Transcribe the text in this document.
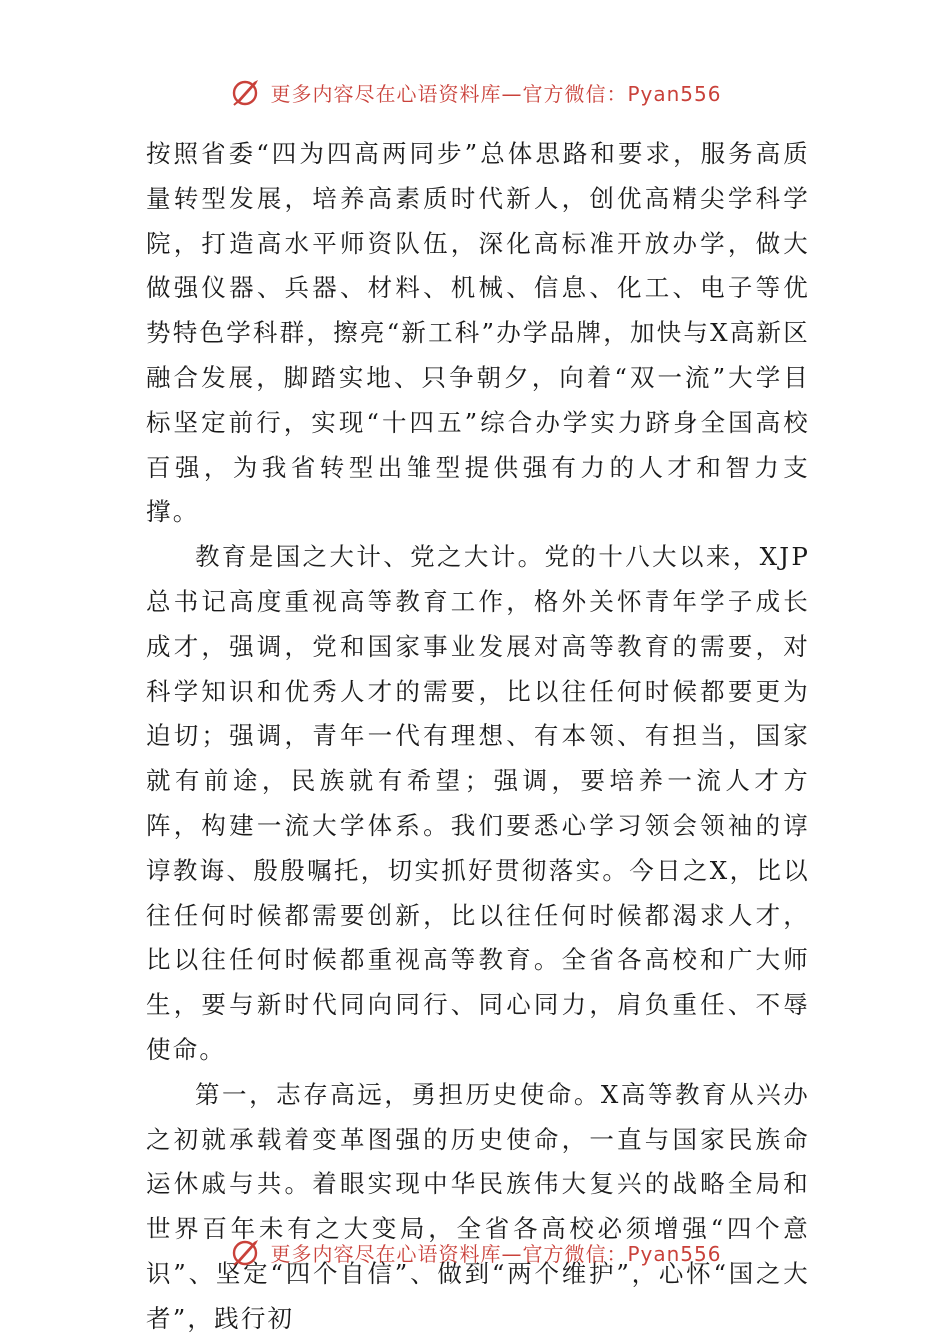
更多内容尽在心语资料库—官方微信：Pyan556

按照省委“四为四高两同步”总体思路和要求，服务高质量转型发展，培养高素质时代新人，创优高精尖学科学院，打造高水平师资队伍，深化高标准开放办学，做大做强仪器、兵器、材料、机械、信息、化工、电子等优势特色学科群，擦亮“新工科”办学品牌，加快与X高新区融合发展，脚踏实地、只争朝夕，向着“双一流”大学目标坚定前行，实现“十四五”综合办学实力跻身全国高校百强，为我省转型出雏型提供强有力的人才和智力支撑。

教育是国之大计、党之大计。党的十八大以来，XJP总书记高度重视高等教育工作，格外关怀青年学子成长成才，强调，党和国家事业发展对高等教育的需要，对科学知识和优秀人才的需要，比以往任何时候都要更为迫切；强调，青年一代有理想、有本领、有担当，国家就有前途，民族就有希望；强调，要培养一流人才方阵，构建一流大学体系。我们要悉心学习领会领袖的谆谆教诲、殷殷嘱托，切实抓好贯彻落实。今日之X，比以往任何时候都需要创新，比以往任何时候都渴求人才，比以往任何时候都重视高等教育。全省各高校和广大师生，要与新时代同向同行、同心同力，肩负重任、不辱使命。

第一，志存高远，勇担历史使命。X高等教育从兴办之初就承载着变革图强的历史使命，一直与国家民族命运休戚与共。着眼实现中华民族伟大复兴的战略全局和世界百年未有之大变局，全省各高校必须增强“四个意识”、坚定“四个自信”、做到“两个维护”，心怀“国之大者”，践行初

更多内容尽在心语资料库—官方微信：Pyan556
